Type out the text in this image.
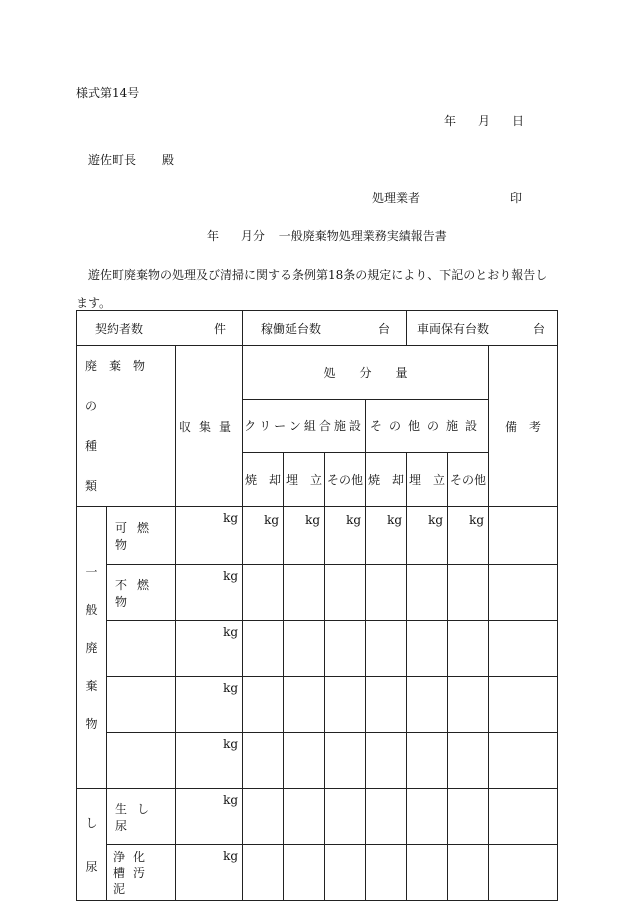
様式第14号
年 月 日
遊佐町長 殿
処理業者	印
年 月分 一般廃棄物処理業務実績報告書
遊佐町廃棄物の処理及び清掃に関する条例第18条の規定により、下記のとおり報告します。
契約者数 件			稼働延台数 台				車両保有台数 台		

廃棄物の
種　類		収集量	処　　分　　量						備　考
			クリーン組合施設			その他の施設			
			焼　却	埋　立	その他	焼　却	埋　立	その他	

一般廃棄物	可燃物	kg	kg	kg	kg	kg	kg	kg	
	不燃物	kg							
		kg							
		kg							
		kg							

し尿	生し尿	kg							

	浄化槽汚泥	kg							
